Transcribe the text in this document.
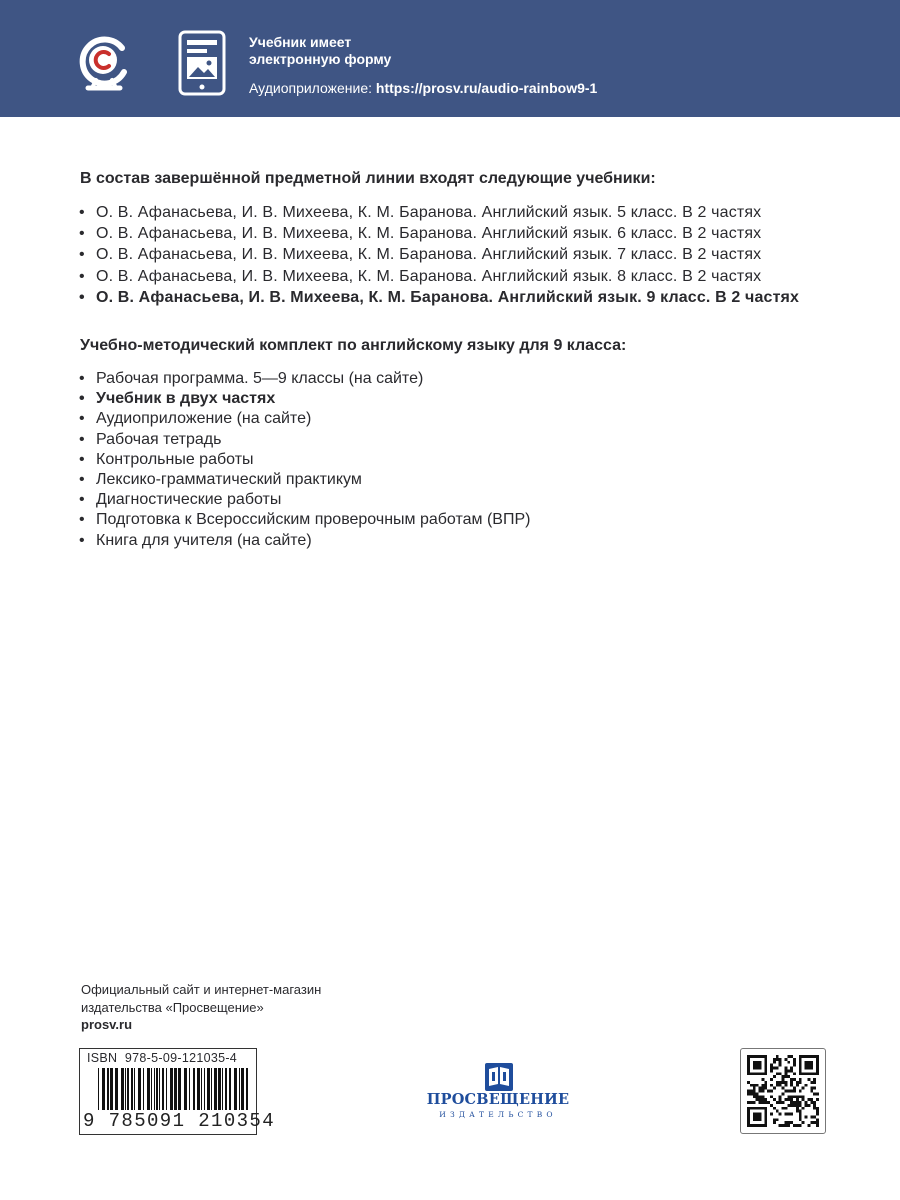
Учебник имеет
электронную форму
Аудиоприложение: https://prosv.ru/audio-rainbow9-1
В состав завершённой предметной линии входят следующие учебники:
• О. В. Афанасьева, И. В. Михеева, К. М. Баранова. Английский язык. 5 класс. В 2 частях
• О. В. Афанасьева, И. В. Михеева, К. М. Баранова. Английский язык. 6 класс. В 2 частях
• О. В. Афанасьева, И. В. Михеева, К. М. Баранова. Английский язык. 7 класс. В 2 частях
• О. В. Афанасьева, И. В. Михеева, К. М. Баранова. Английский язык. 8 класс. В 2 частях
• О. В. Афанасьева, И. В. Михеева, К. М. Баранова. Английский язык. 9 класс. В 2 частях
Учебно-методический комплект по английскому языку для 9 класса:
• Рабочая программа. 5—9 классы (на сайте)
• Учебник в двух частях
• Аудиоприложение (на сайте)
• Рабочая тетрадь
• Контрольные работы
• Лексико-грамматический практикум
• Диагностические работы
• Подготовка к Всероссийским проверочным работам (ВПР)
• Книга для учителя (на сайте)
Официальный сайт и интернет-магазин
издательства «Просвещение»
prosv.ru
ISBN 978-5-09-121035-4
9 785091 210354
ПРОСВЕЩЕНИЕ
ИЗДАТЕЛЬСТВО
